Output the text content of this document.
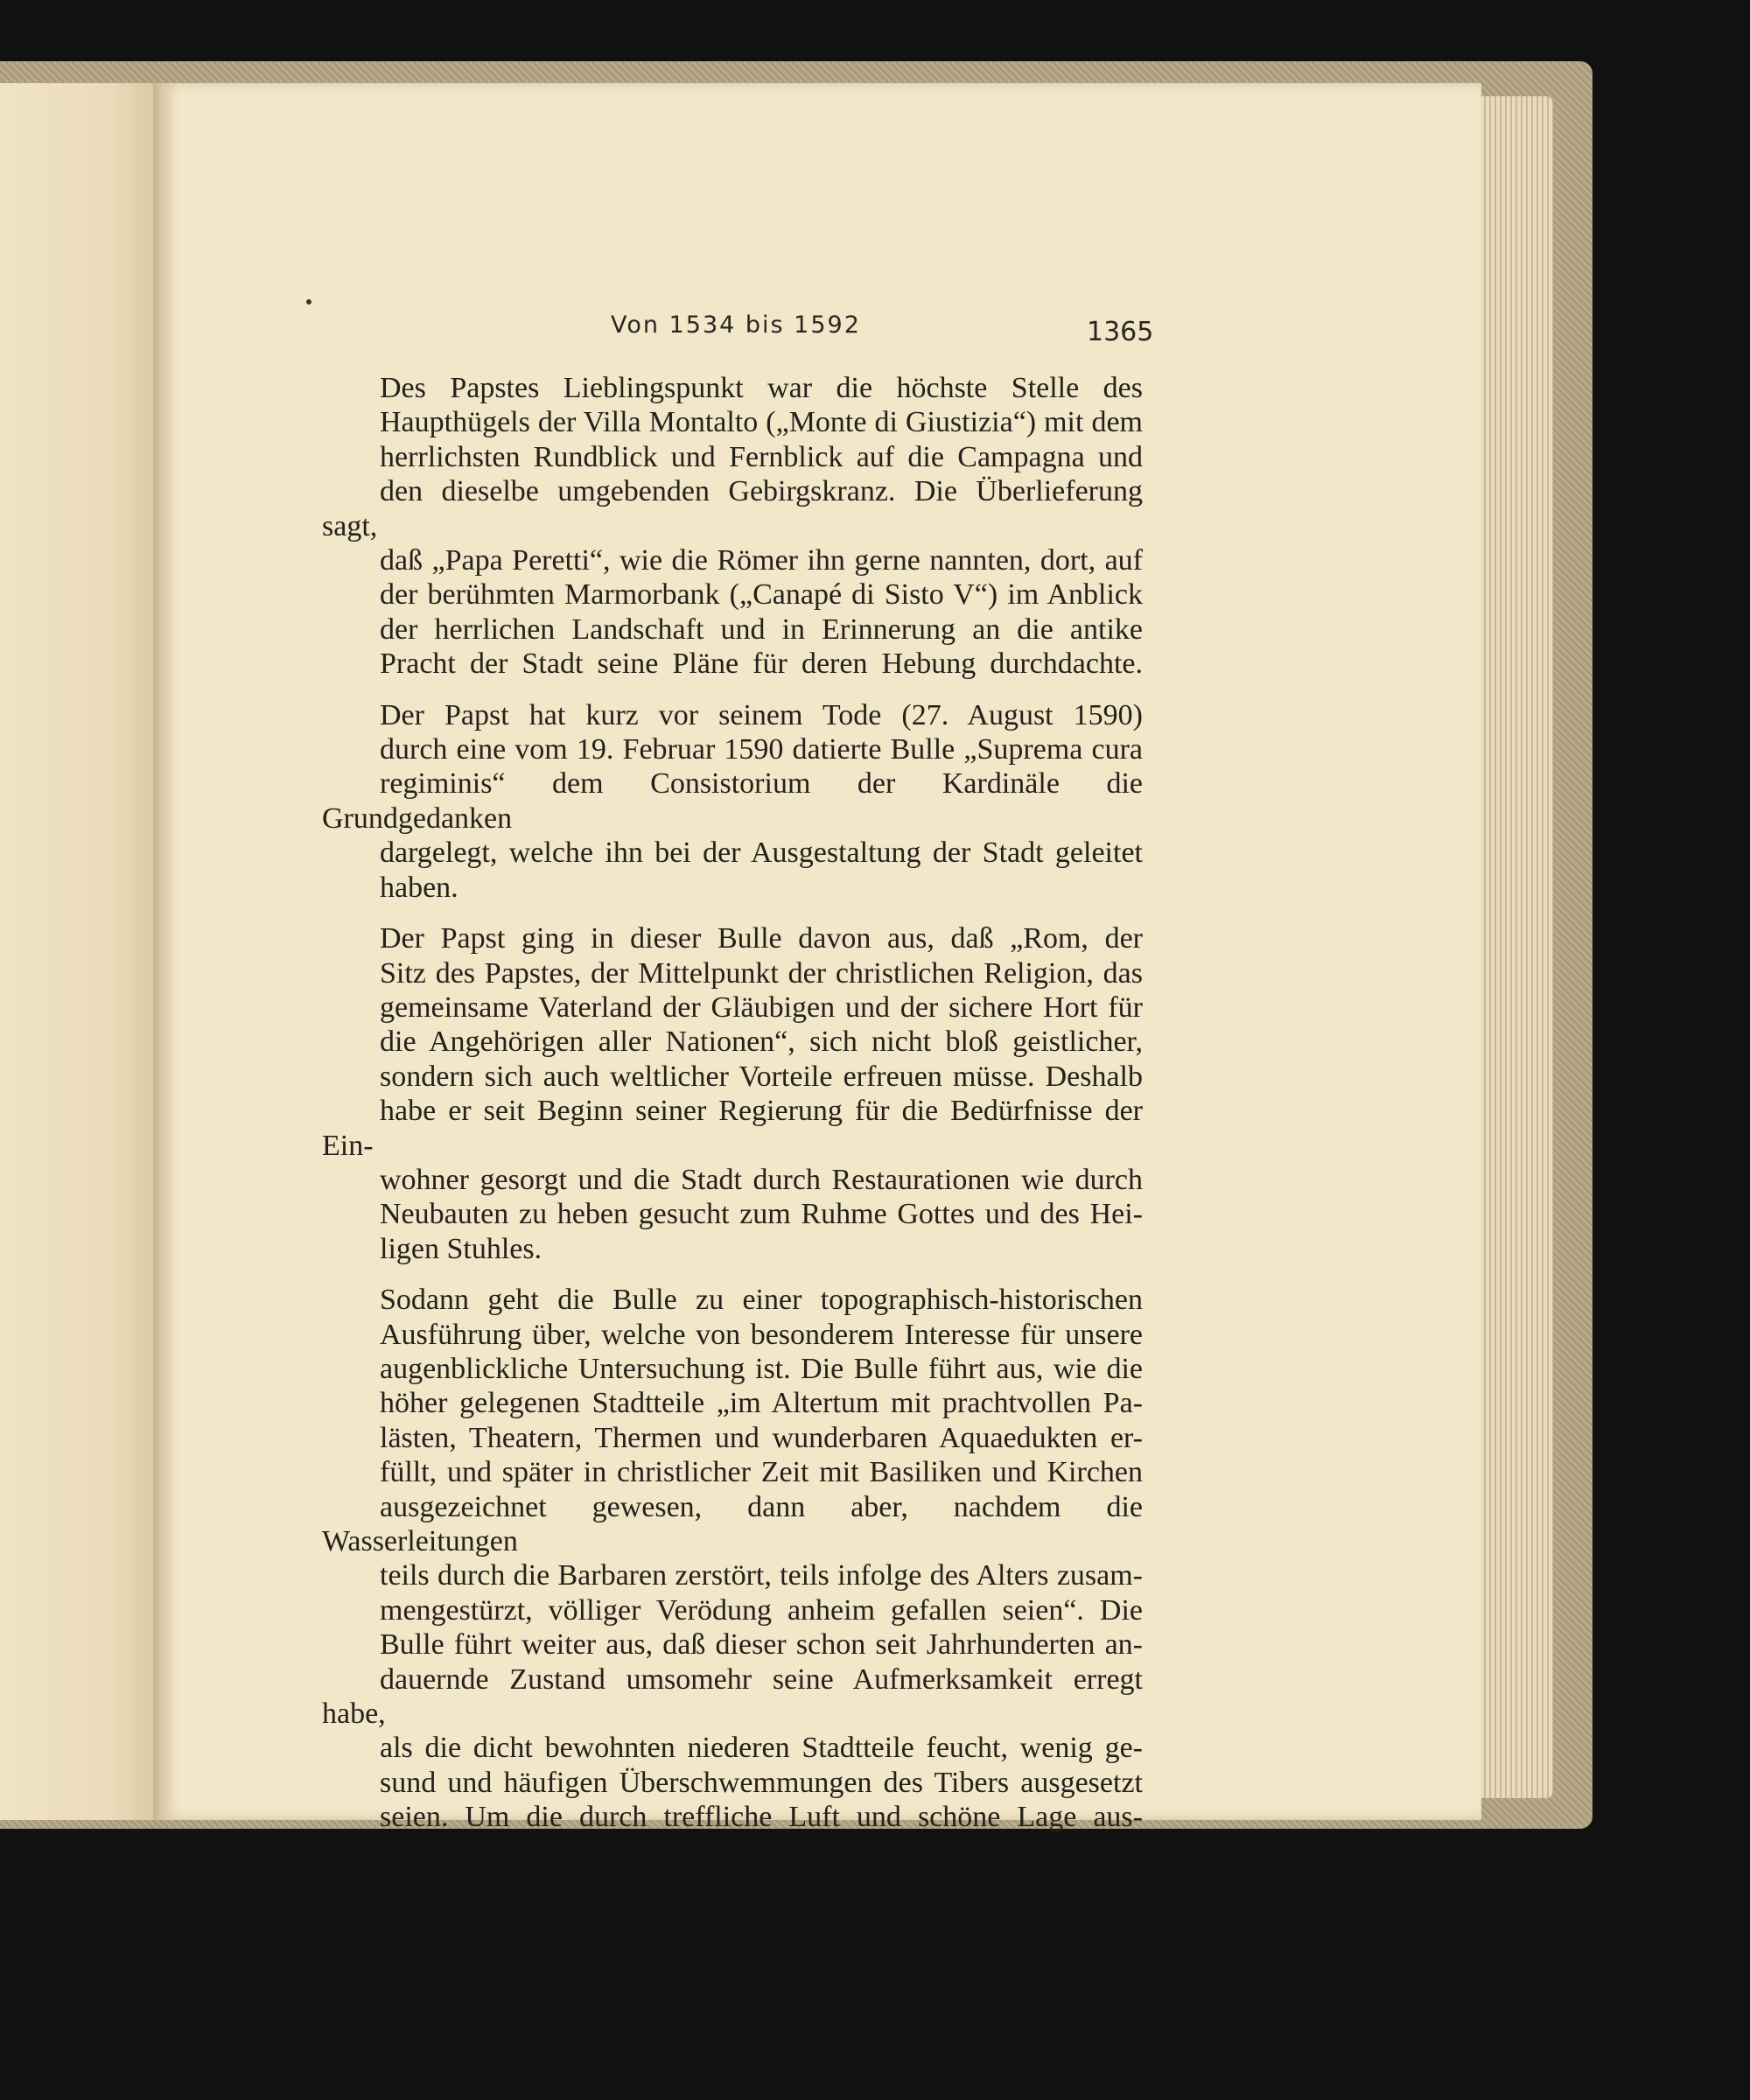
Von 1534 bis 1592	1365

Des Papstes Lieblingspunkt war die höchste Stelle des
Haupthügels der Villa Montalto („Monte di Giustizia“) mit dem
herrlichsten Rundblick und Fernblick auf die Campagna und
den dieselbe umgebenden Gebirgskranz. Die Überlieferung sagt,
daß „Papa Peretti“, wie die Römer ihn gerne nannten, dort, auf
der berühmten Marmorbank („Canapé di Sisto V“) im Anblick
der herrlichen Landschaft und in Erinnerung an die antike
Pracht der Stadt seine Pläne für deren Hebung durchdachte.

Der Papst hat kurz vor seinem Tode (27. August 1590)
durch eine vom 19. Februar 1590 datierte Bulle „Suprema cura
regiminis“ dem Consistorium der Kardinäle die Grundgedanken
dargelegt, welche ihn bei der Ausgestaltung der Stadt geleitet
haben.

Der Papst ging in dieser Bulle davon aus, daß „Rom, der
Sitz des Papstes, der Mittelpunkt der christlichen Religion, das
gemeinsame Vaterland der Gläubigen und der sichere Hort für
die Angehörigen aller Nationen“, sich nicht bloß geistlicher,
sondern sich auch weltlicher Vorteile erfreuen müsse. Deshalb
habe er seit Beginn seiner Regierung für die Bedürfnisse der Ein-
wohner gesorgt und die Stadt durch Restaurationen wie durch
Neubauten zu heben gesucht zum Ruhme Gottes und des Hei-
ligen Stuhles.

Sodann geht die Bulle zu einer topographisch-historischen
Ausführung über, welche von besonderem Interesse für unsere
augenblickliche Untersuchung ist. Die Bulle führt aus, wie die
höher gelegenen Stadtteile „im Altertum mit prachtvollen Pa-
lästen, Theatern, Thermen und wunderbaren Aquaedukten er-
füllt, und später in christlicher Zeit mit Basiliken und Kirchen
ausgezeichnet gewesen, dann aber, nachdem die Wasserleitungen
teils durch die Barbaren zerstört, teils infolge des Alters zusam-
mengestürzt, völliger Verödung anheim gefallen seien“. Die
Bulle führt weiter aus, daß dieser schon seit Jahrhunderten an-
dauernde Zustand umsomehr seine Aufmerksamkeit erregt habe,
als die dicht bewohnten niederen Stadtteile feucht, wenig ge-
sund und häufigen Überschwemmungen des Tibers ausgesetzt
seien. Um die durch treffliche Luft und schöne Lage aus-
